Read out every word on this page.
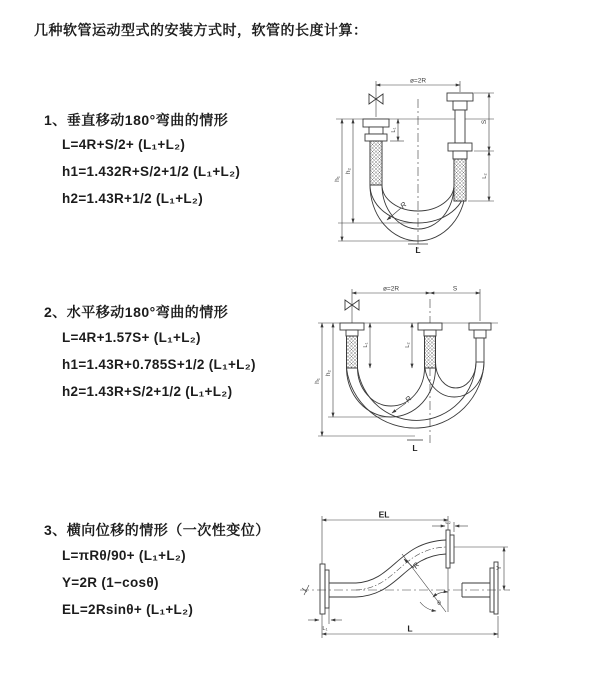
几种软管运动型式的安装方式时，软管的长度计算：
1、垂直移动180°弯曲的情形
L=4R+S/2+ (L₁+L₂)
h1=1.432R+S/2+1/2 (L₁+L₂)
h2=1.43R+1/2 (L₁+L₂)
ø=2R
S
L₂
L₁
h₁
h₂
R
L
2、水平移动180°弯曲的情形
L=4R+1.57S+ (L₁+L₂)
h1=1.43R+0.785S+1/2 (L₁+L₂)
h2=1.43R+S/2+1/2 (L₁+L₂)
ø=2R	S
L₁	L₂
h₁
h₂
R
L
3、横向位移的情形（一次性变位）
L=πRθ/90+ (L₁+L₂)
Y=2R (1−cosθ)
EL=2Rsinθ+ (L₁+L₂)
EL
L₂
L₁	L
Y
R
θ
